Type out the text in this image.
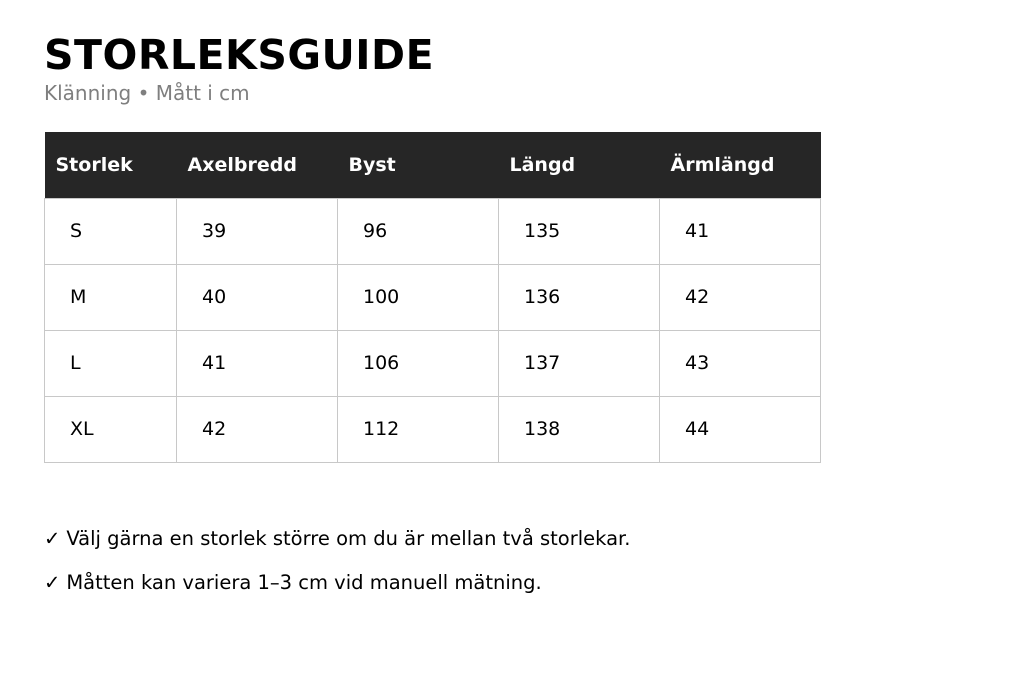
STORLEKSGUIDE
Klänning • Mått i cm
Storlek	Axelbredd	Byst	Längd	Ärmlängd
S	39	96	135	41
M	40	100	136	42
L	41	106	137	43
XL	42	112	138	44
✓ Välj gärna en storlek större om du är mellan två storlekar.
✓ Måtten kan variera 1–3 cm vid manuell mätning.
